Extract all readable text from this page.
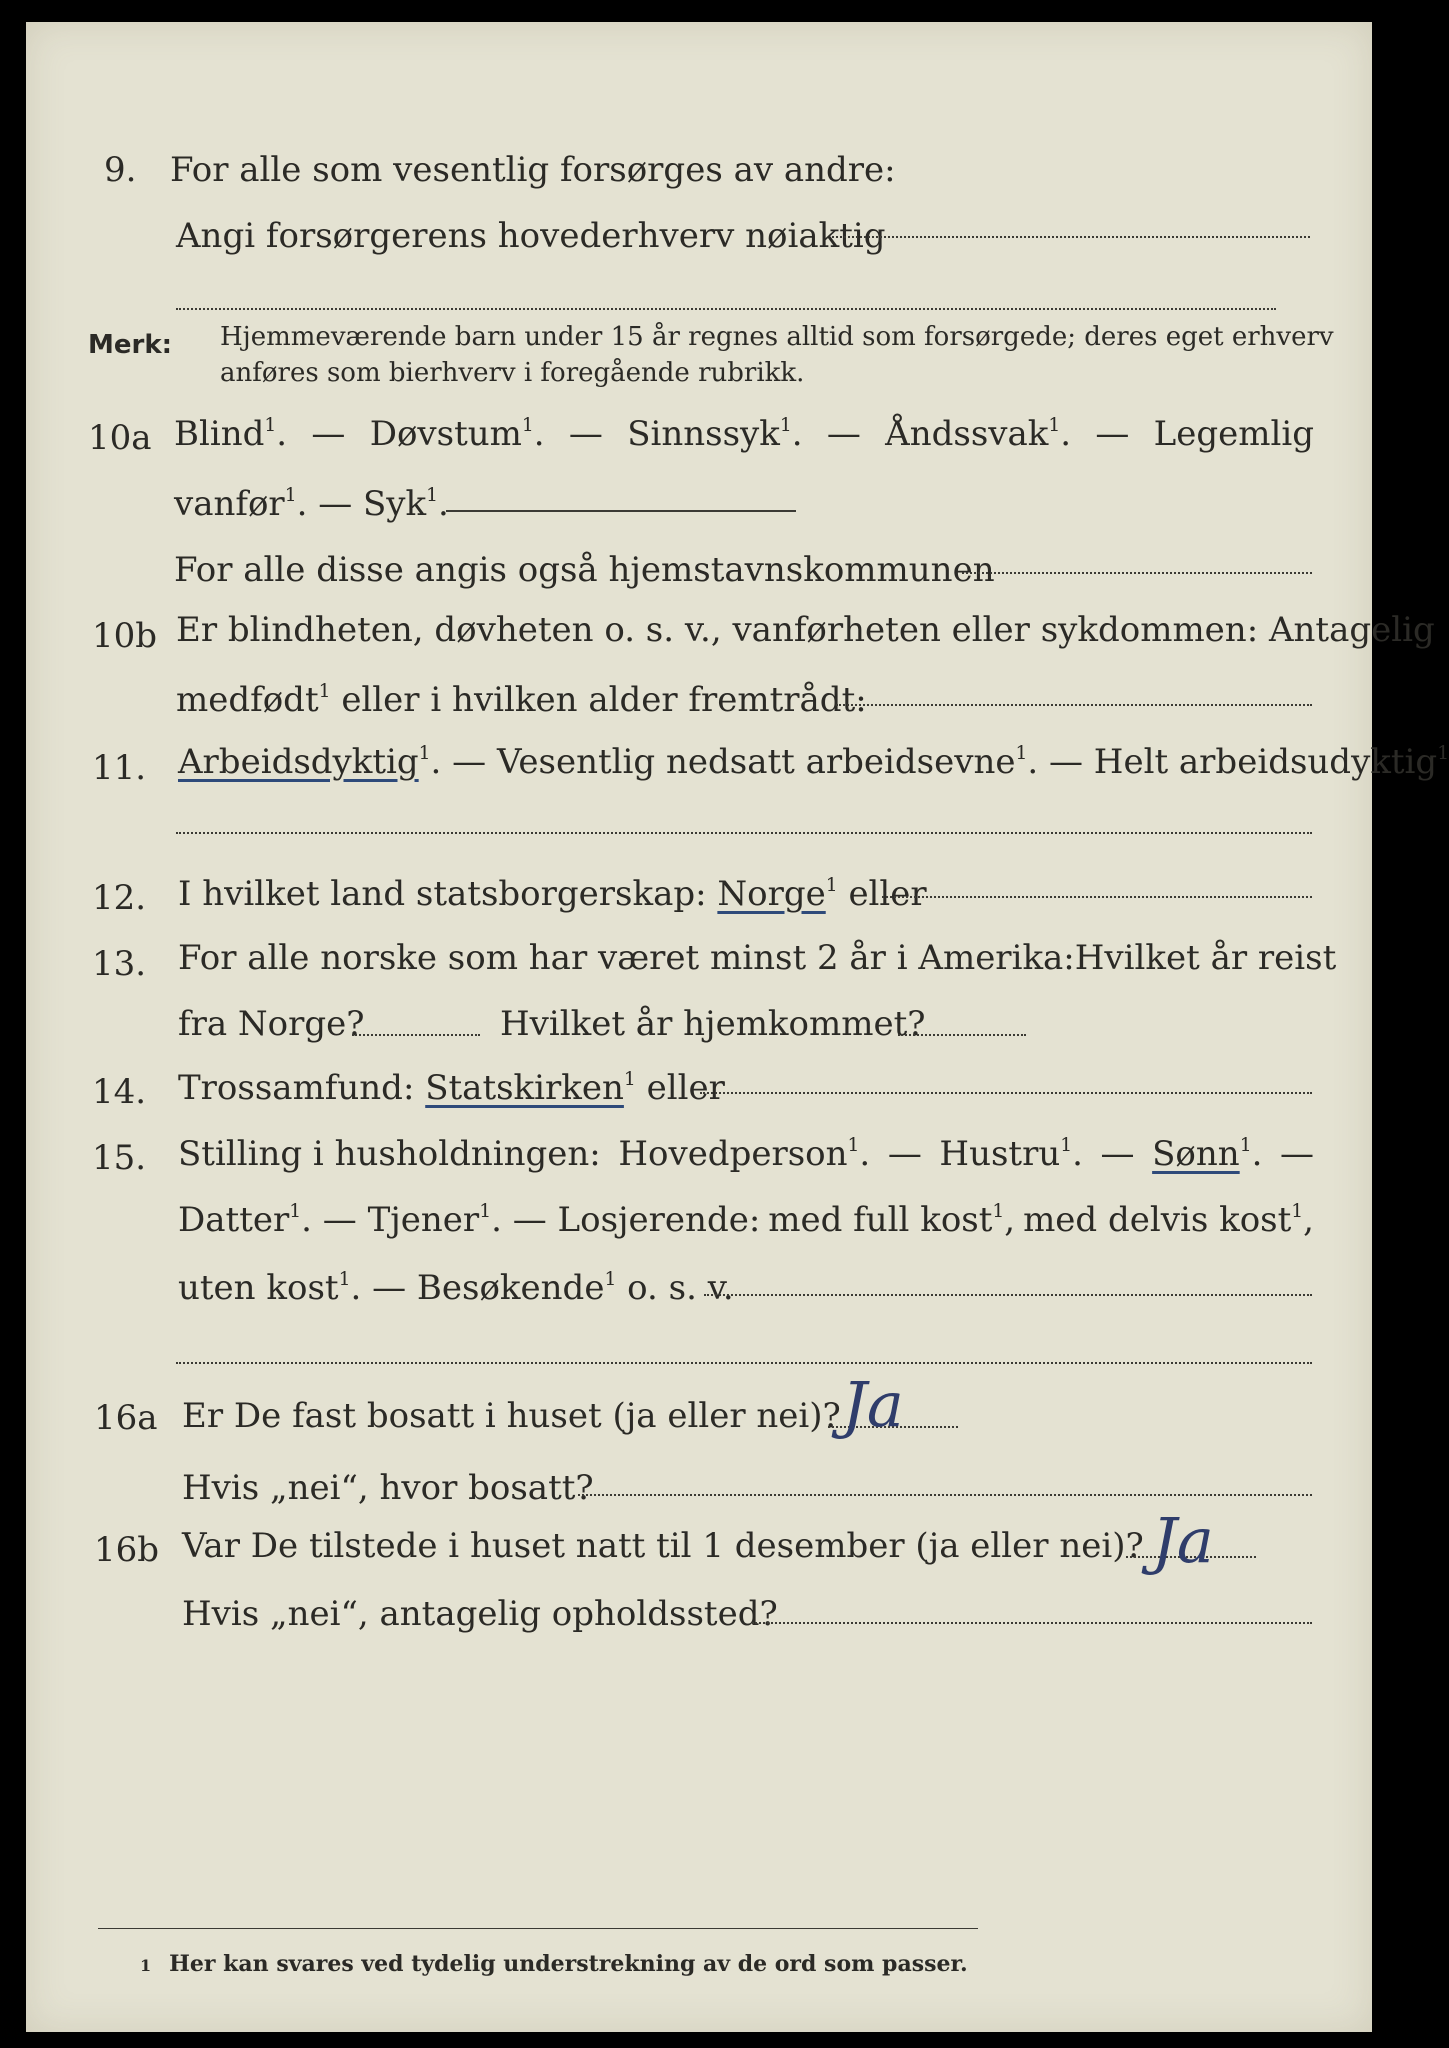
9. For alle som vesentlig forsørges av andre:
Angi forsørgerens hovederhverv nøiaktig
Merk: Hjemmeværende barn under 15 år regnes alltid som forsørgede; deres eget erhverv
anføres som bierhverv i foregående rubrikk.
10a Blind$^1$. — Døvstum$^1$. — Sinnssyk$^1$. — Åndssvak$^1$. — Legemlig
vanfør$^1$. — Syk$^1$.
For alle disse angis også hjemstavnskommunen
10b Er blindheten, døvheten o. s. v., vanførheten eller sykdommen: Antagelig
medfødt$^1$ eller i hvilken alder fremtrådt:
11. Arbeidsdyktig$^1$. — Vesentlig nedsatt arbeidsevne$^1$. — Helt arbeidsudyktig$^1$
12. I hvilket land statsborgerskap: Norge$^1$ eller
13. For alle norske som har været minst 2 år i Amerika: Hvilket år reist
fra Norge?	Hvilket år hjemkommet?
14. Trossamfund: Statskirken$^1$ eller
15. Stilling i husholdningen: Hovedperson$^1$. — Hustru$^1$. — Sønn$^1$. —
Datter$^1$. — Tjener$^1$. — Losjerende: med full kost$^1$, med delvis kost$^1$,
uten kost$^1$. — Besøkende$^1$ o. s. v.
16a Er De fast bosatt i huset (ja eller nei)? Ja
Hvis „nei“, hvor bosatt?
16b Var De tilstede i huset natt til 1 desember (ja eller nei)? Ja
Hvis „nei“, antagelig opholdssted?
1 Her kan svares ved tydelig understrekning av de ord som passer.
